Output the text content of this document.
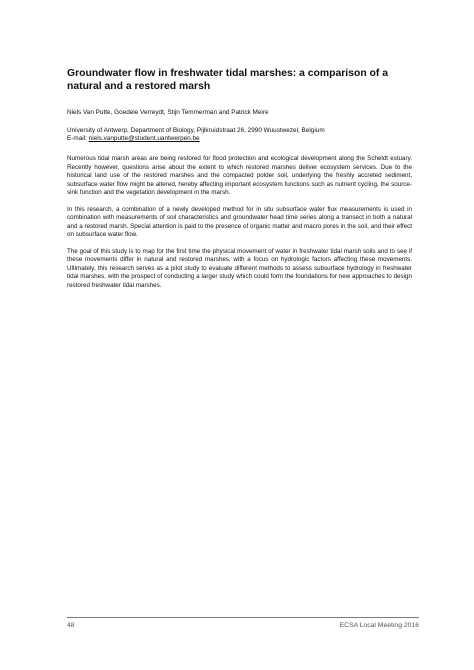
Groundwater flow in freshwater tidal marshes: a comparison of a natural and a restored marsh

Niels Van Putte, Goedele Verreydt, Stijn Temmerman and Patrick Meire

University of Antwerp, Department of Biology, Pijlkruidstraat 26, 2990 Wuustwezel, Belgium
E-mail: niels.vanputte@student.uantwerpen.be

Numerous tidal marsh areas are being restored for flood protection and ecological development along the Scheldt estuary. Recently however, questions arise about the extent to which restored marshes deliver ecosystem services. Due to the historical land use of the restored marshes and the compacted polder soil, underlying the freshly accreted sediment, subsurface water flow might be altered, hereby affecting important ecosystem functions such as nutrient cycling, the source-sink function and the vegetation development in the marsh.

In this research, a combination of a newly developed method for in situ subsurface water flux measurements is used in combination with measurements of soil characteristics and groundwater head time series along a transect in both a natural and a restored marsh. Special attention is paid to the presence of organic matter and macro pores in the soil, and their effect on subsurface water flow.

The goal of this study is to map for the first time the physical movement of water in freshwater tidal marsh soils and to see if these movements differ in natural and restored marshes, with a focus on hydrologic factors affecting these movements. Ultimately, this research serves as a pilot study to evaluate different methods to assess subsurface hydrology in freshwater tidal marshes, with the prospect of conducting a larger study which could form the foundations for new approaches to design restored freshwater tidal marshes.

48	ECSA Local Meeting 2016
